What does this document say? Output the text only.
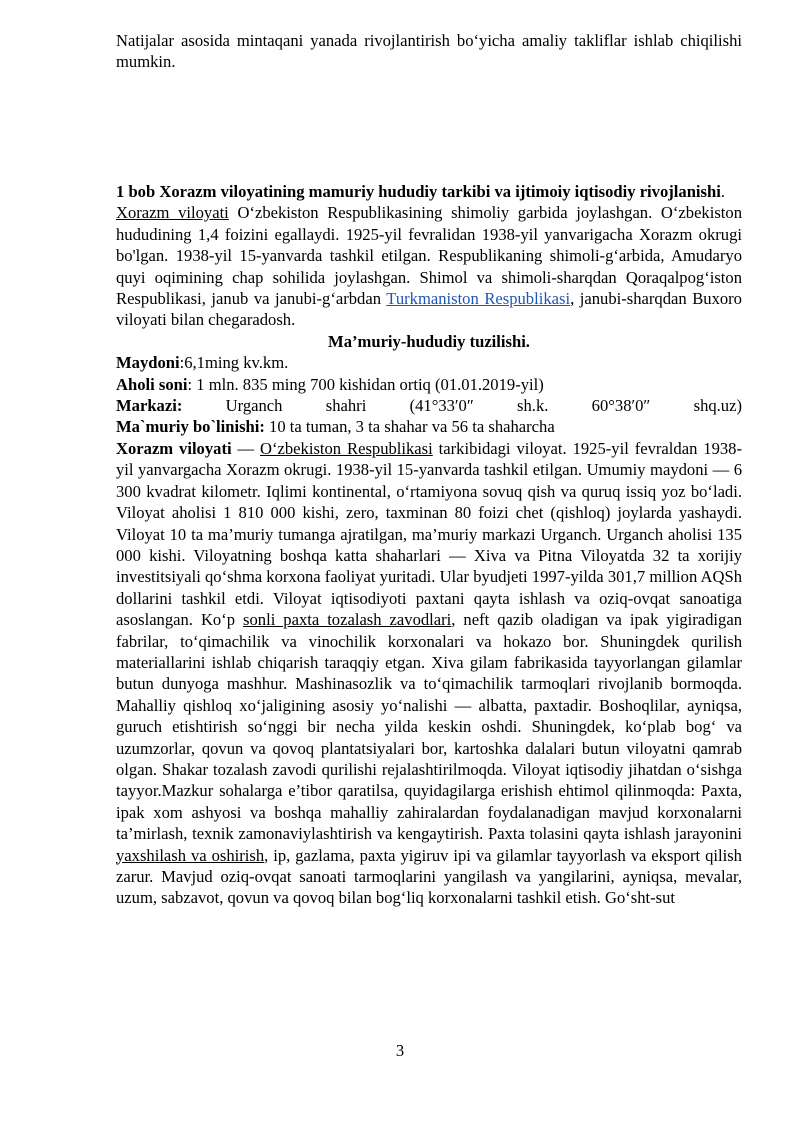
Natijalar asosida mintaqani yanada rivojlantirish bo‘yicha amaliy takliflar ishlab chiqilishi mumkin.

1 bob Xorazm viloyatining mamuriy hududiy tarkibi va ijtimoiy iqtisodiy rivojlanishi.

Xorazm viloyati O‘zbekiston Respublikasining shimoliy garbida joylashgan. O‘zbekiston hududining 1,4 foizini egallaydi. 1925-yil fevralidan 1938-yil yanvarigacha Xorazm okrugi bo'lgan. 1938-yil 15-yanvarda tashkil etilgan. Respublikaning shimoli-g‘arbida, Amudaryo quyi oqimining chap sohilida joylashgan. Shimol va shimoli-sharqdan Qoraqalpog‘iston Respublikasi, janub va janubi-g‘arbdan Turkmaniston Respublikasi, janubi-sharqdan Buxoro viloyati bilan chegaradosh.

Ma’muriy-hududiy tuzilishi.

Maydoni:6,1ming kv.km.

Aholi soni: 1 mln. 835 ming 700 kishidan ortiq (01.01.2019-yil)

Markazi: Urganch shahri (41°33′0″ sh.k. 60°38′0″ shq.uz)

Ma`muriy bo`linishi: 10 ta tuman, 3 ta shahar va 56 ta shaharcha

Xorazm viloyati — O‘zbekiston Respublikasi tarkibidagi viloyat. 1925-yil fevraldan 1938-yil yanvargacha Xorazm okrugi. 1938-yil 15-yanvarda tashkil etilgan. Umumiy maydoni — 6 300 kvadrat kilometr. Iqlimi kontinental, o‘rtamiyona sovuq qish va quruq issiq yoz bo‘ladi. Viloyat aholisi 1 810 000 kishi, zero, taxminan 80 foizi chet (qishloq) joylarda yashaydi. Viloyat 10 ta ma’muriy tumanga ajratilgan, ma’muriy markazi Urganch. Urganch aholisi 135 000 kishi. Viloyatning boshqa katta shaharlari — Xiva va Pitna Viloyatda 32 ta xorijiy investitsiyali qo‘shma korxona faoliyat yuritadi. Ular byudjeti 1997-yilda 301,7 million AQSh dollarini tashkil etdi. Viloyat iqtisodiyoti paxtani qayta ishlash va oziq-ovqat sanoatiga asoslangan. Ko‘p sonli paxta tozalash zavodlari, neft qazib oladigan va ipak yigiradigan fabrilar, to‘qimachilik va vinochilik korxonalari va hokazo bor. Shuningdek qurilish materiallarini ishlab chiqarish taraqqiy etgan. Xiva gilam fabrikasida tayyorlangan gilamlar butun dunyoga mashhur. Mashinasozlik va to‘qimachilik tarmoqlari rivojlanib bormoqda. Mahalliy qishloq xo‘jaligining asosiy yo‘nalishi — albatta, paxtadir. Boshoqlilar, ayniqsa, guruch etishtirish so‘nggi bir necha yilda keskin oshdi. Shuningdek, ko‘plab bog‘ va uzumzorlar, qovun va qovoq plantatsiyalari bor, kartoshka dalalari butun viloyatni qamrab olgan. Shakar tozalash zavodi qurilishi rejalashtirilmoqda. Viloyat iqtisodiy jihatdan o‘sishga tayyor.Mazkur sohalarga e’tibor qaratilsa, quyidagilarga erishish ehtimol qilinmoqda: Paxta, ipak xom ashyosi va boshqa mahalliy zahiralardan foydalanadigan mavjud korxonalarni ta’mirlash, texnik zamonaviylashtirish va kengaytirish. Paxta tolasini qayta ishlash jarayonini yaxshilash va oshirish, ip, gazlama, paxta yigiruv ipi va gilamlar tayyorlash va eksport qilish zarur. Mavjud oziq-ovqat sanoati tarmoqlarini yangilash va yangilarini, ayniqsa, mevalar, uzum, sabzavot, qovun va qovoq bilan bog‘liq korxonalarni tashkil etish. Go‘sht-sut

3
